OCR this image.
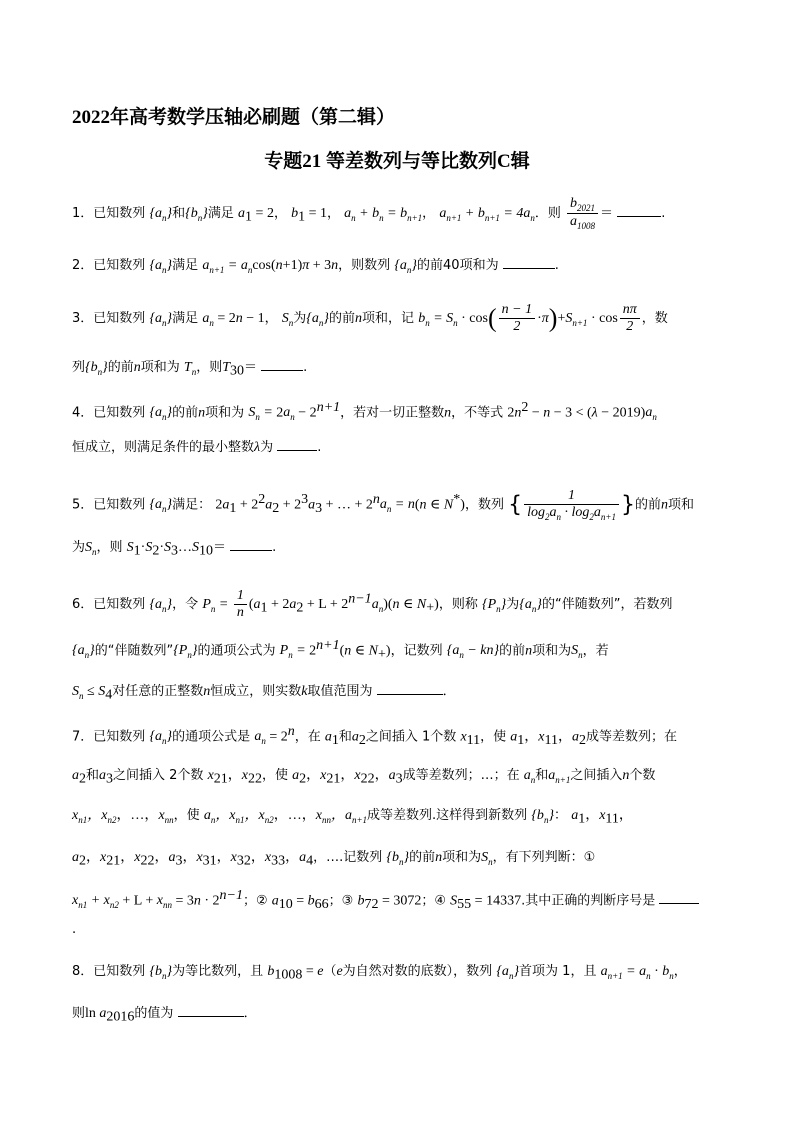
2022年高考数学压轴必刷题（第二辑）
专题21 等差数列与等比数列C辑
1．已知数列 $\{a_n\}$和$\{b_n\}$满足 $a_1 = 2$， $b_1 = 1$， $a_n + b_n = b_{n+1}$， $a_{n+1} + b_{n+1} = 4a_n$．则 $\frac{b_{2021}}{a_{1008}}$ ＝	.
2．已知数列 $\{a_n\}$满足 $a_{n+1} = a_n\cos(n+1)\pi + 3n$，则数列 $\{a_n\}$的前40项和为	.
3．已知数列 $\{a_n\}$满足 $a_n = 2n - 1$， $S_n$为$\{a_n\}$的前n项和，记 $b_n = S_n \cdot \cos( \frac{n - 1}{2} \cdot\pi)+S_{n+1} \cdot \cos \frac{n\pi}{2}$ ，数
列$\{b_n\}$的前n项和为 $T_n$，则$T_{30}=$	.
4．已知数列 $\{a_n\}$的前n项和为 $S_n = 2a_n - 2^{n+1}$，若对一切正整数n，不等式 $2n^2 - n - 3 < (\lambda - 2019)a_n$
恒成立，则满足条件的最小整数λ为	.
5．已知数列 $\{a_n\}$满足： $2a_1 + 2^2a_2 + 2^3a_3$ + … + $2^na_n = n(n$ ∈ N*)，数列 { $\frac{1}{\log_2a_n \cdot \log_2a_{n+1}}$ }的前n项和
为$S_n$，则 $S_1\cdot S_2\cdot S_3\dots S_{10}=$	.
6．已知数列 $\{a_n\}$，令 $P_n = \frac{1}{n} (a_1 + 2a_2 + L + 2^{n-1}a_n)(n$ ∈ $N_+$)，则称 $\{P_n\}$为$\{a_n\}$的“伴随数列”，若数列
$\{a_n\}$的“伴随数列$”\{P_n\}$的通项公式为 $P_n = 2^{n+1}(n$ ∈ $N_+$)，记数列 $\{a_n - kn\}$的前n项和为$S_n$，若
$S_n \le S_4$对任意的正整数n恒成立，则实数k取值范围为	．
7．已知数列 $\{a_n\}$的通项公式是 $a_n = 2^n$，在 $a_1$和$a_2$之间插入 1个数 $x_{11}$，使 $a_1$，$x_{11}$，$a_2$成等差数列；在
$a_2$和$a_3$之间插入 2个数 $x_{21}$，$x_{22}$，使 $a_2$，$x_{21}$，$x_{22}$，$a_3$成等差数列；…；在 $a_n$和$a_{n+1}$之间插入n个数
$x_{n1}$，$x_{n2}$，…，$x_{nn}$，使 $a_n$，$x_{n1}$，$x_{n2}$，…，$x_{nn}$，$a_{n+1}$成等差数列.这样得到新数列 $\{b_n\}$： $a_1$，$x_{11}$，
$a_2$，$x_{21}$，$x_{22}$，$a_3$，$x_{31}$，$x_{32}$，$x_{33}$，$a_4$，….记数列 $\{b_n\}$的前n项和为$S_n$，有下列判断：①
$x_{n1} + x_{n2} + L + x_{nn} = 3n \cdot 2^{n-1}$；② $a_{10} = b_{66}$；③ $b_{72} = 3072$；④ $S_{55} = 14337$.其中正确的判断序号是
.
8．已知数列 $\{b_n\}$为等比数列，且 $b_{1008} = e(e$为自然对数的底数），数列 $\{a_n\}$首项为 1，且 $a_{n+1} = a_n \cdot b_n$，
则$\ln a_{2016}$的值为	．
